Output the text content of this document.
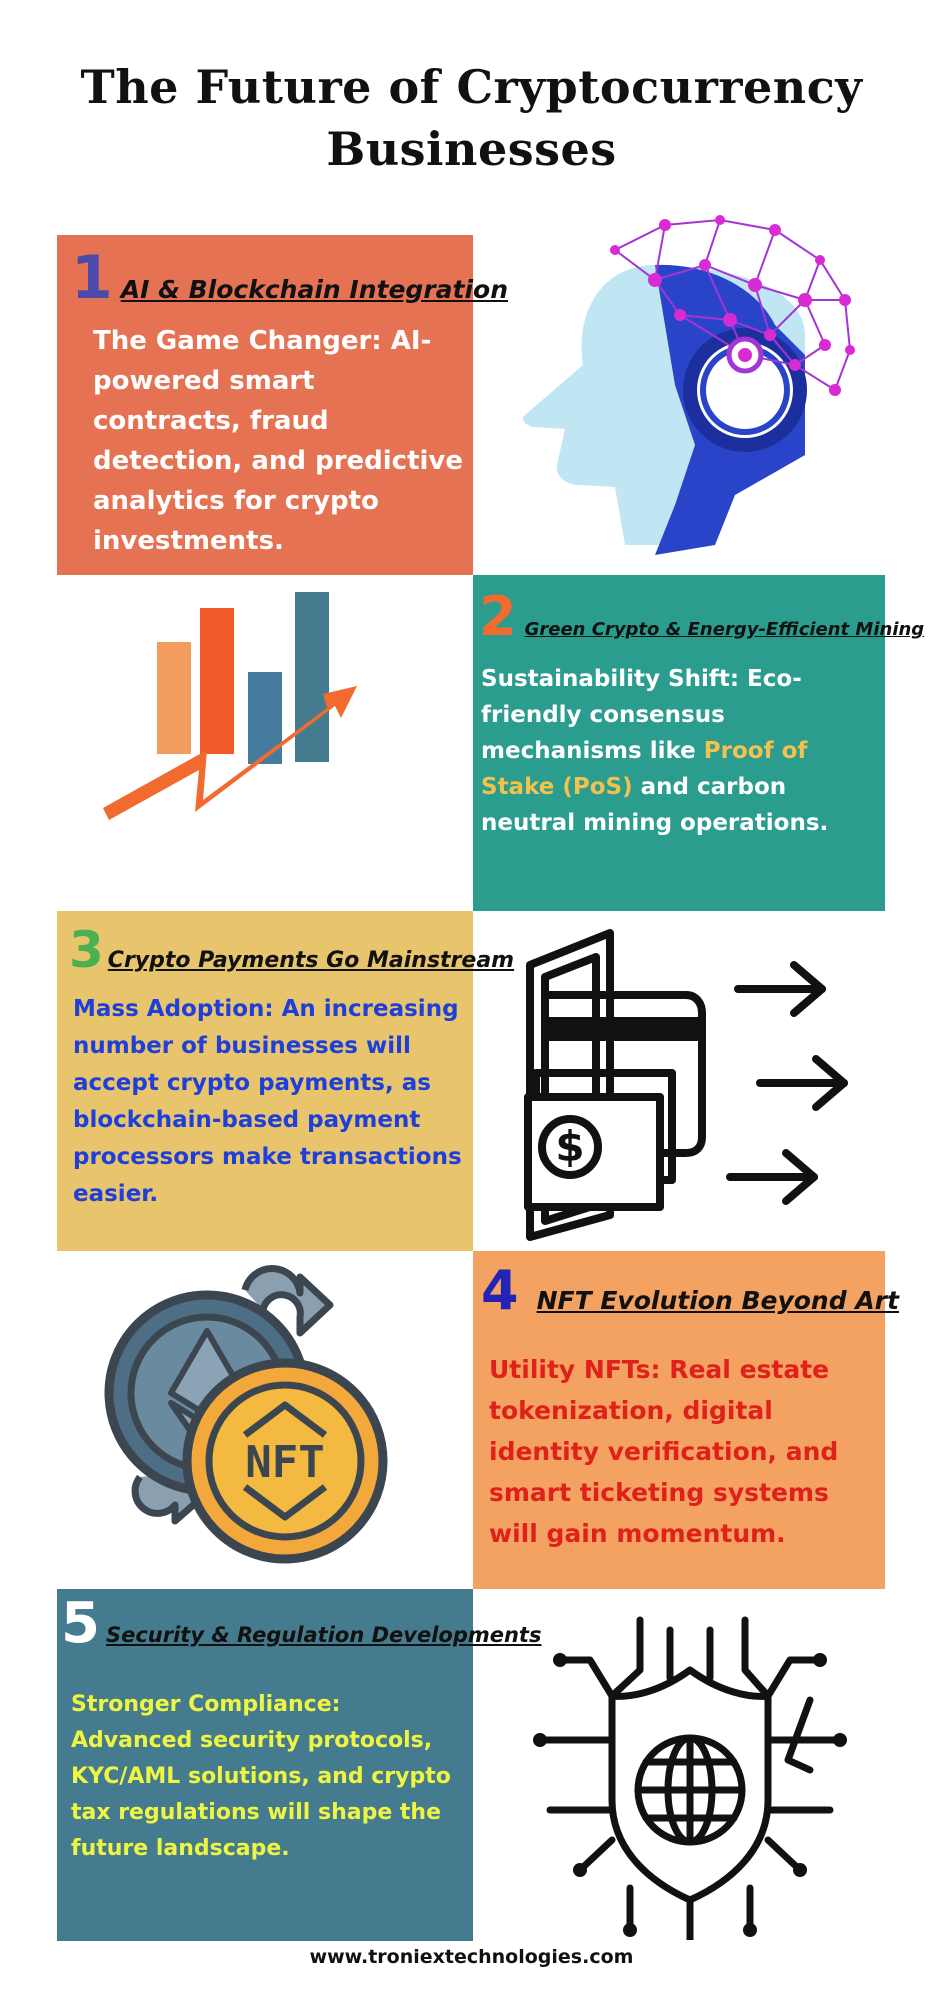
The Future of Cryptocurrency
Businesses
1 AI & Blockchain Integration
The Game Changer: AI-powered smart contracts, fraud detection, and predictive analytics for crypto investments.
2 Green Crypto & Energy-Efficient Mining
Sustainability Shift: Eco-friendly consensus mechanisms like Proof of Stake (PoS) and carbon neutral mining operations.
3 Crypto Payments Go Mainstream
Mass Adoption: An increasing number of businesses will accept crypto payments, as blockchain-based payment processors make transactions easier.
$
NFT
4 NFT Evolution Beyond Art
Utility NFTs: Real estate tokenization, digital identity verification, and smart ticketing systems will gain momentum.
5 Security & Regulation Developments
Stronger Compliance: Advanced security protocols, KYC/AML solutions, and crypto tax regulations will shape the future landscape.
www.troniextechnologies.com
